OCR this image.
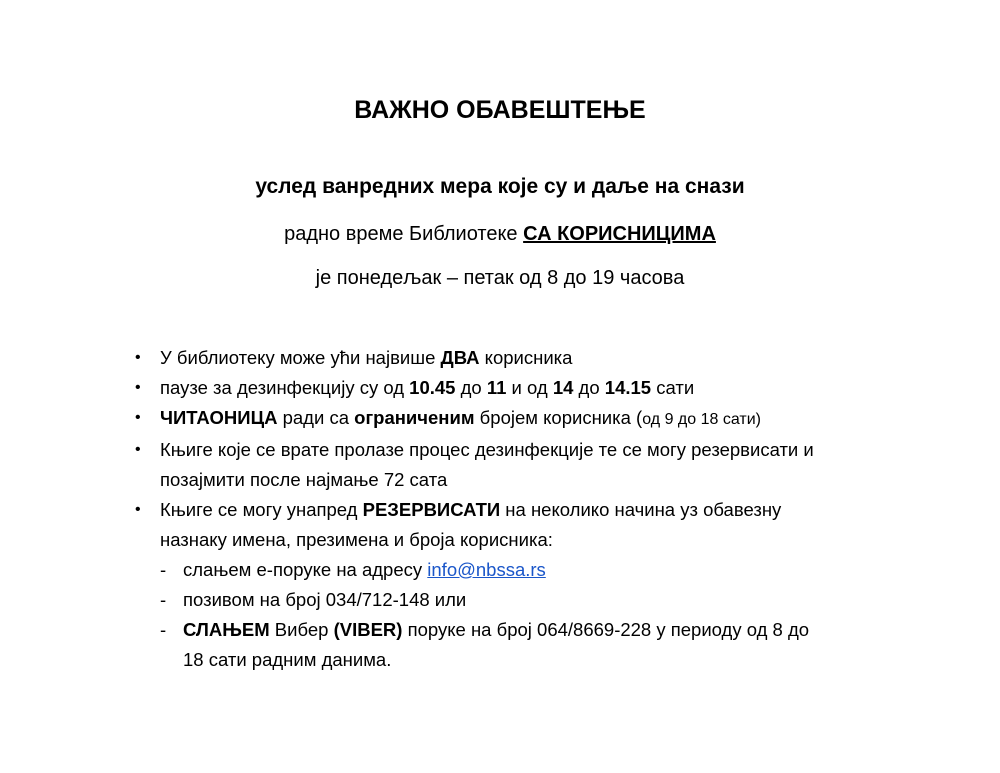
ВАЖНО ОБАВЕШТЕЊЕ

услед ванредних мера које су и даље на снази

радно време Библиотеке СА КОРИСНИЦИМА

је понедељак – петак од 8 до 19 часова

• У библиотеку може ући највише ДВА корисника
• паузе за дезинфекцију су од 10.45 до 11 и од 14 до 14.15 сати
• ЧИТАОНИЦА ради са ограниченим бројем корисника (од 9 до 18 сати)
• Књиге које се врате пролазе процес дезинфекције те се могу резервисати и
позајмити после најмање 72 сата
• Књиге се могу унапред РЕЗЕРВИСАТИ на неколико начина уз обавезну
назнаку имена, презимена и броја корисника:
- слањем е-поруке на адресу info@nbssa.rs
- позивом на број 034/712-148 или
- СЛАЊЕМ Вибер (VIBER) поруке на број 064/8669-228 у периоду од 8 до
18 сати радним данима.
